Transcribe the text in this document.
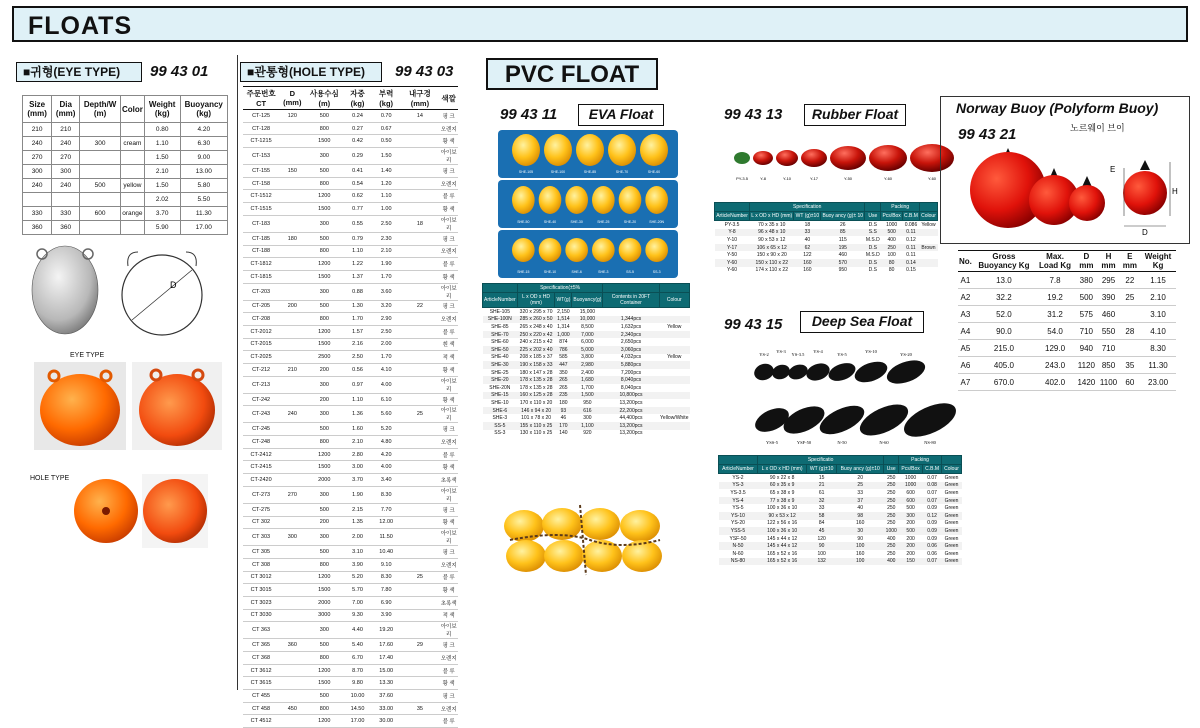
FLOATS
■귀형(EYE TYPE)	99 43 01
Size (mm)	Dia (mm)	Depth/W (m)	Color	Weight (kg)	Buoyancy (kg)
210	210			0.80	4.20
240	240	300	cream	1.10	6.30
270	270			1.50	9.00
300	300			2.10	13.00
240	240	500	yellow	1.50	5.80
				2.02	5.50
330	330	600	orange	3.70	11.30
360	360			5.90	17.00
D
EYE TYPE
HOLE TYPE
■관통형(HOLE TYPE)	99 43 03
주문번호 CT	D (mm)	사용수심 (m)	자중 (kg)	부력 (kg)	내구경 (mm)	색깔
CT-125	120	500	0.24	0.70	14	핑 크
CT-128		800	0.27	0.67		오렌지
CT-1215		1500	0.42	0.50		황 색
CT-153		300	0.29	1.50		아이보리
CT-155	150	500	0.41	1.40		핑 크
CT-158		800	0.54	1.20		오렌지
CT-1512		1200	0.62	1.10		블 루
CT-1515		1500	0.77	1.00		황 색
CT-183		300	0.55	2.50	18	아이보리
CT-185	180	500	0.79	2.30		핑 크
CT-188		800	1.10	2.10		오렌지
CT-1812		1200	1.22	1.90		블 루
CT-1815		1500	1.37	1.70		황 색
CT-203		300	0.88	3.60		아이보리
CT-205	200	500	1.30	3.20	22	핑 크
CT-208		800	1.70	2.90		오렌지
CT-2012		1200	1.57	2.50		블 루
CT-2015		1500	2.16	2.00		흰 색
CT-2025		2500	2.50	1.70		적 색
CT-212	210	200	0.56	4.10		황 색
CT-213		300	0.97	4.00		아이보리
CT-242		200	1.10	6.10		황 색
CT-243	240	300	1.36	5.60	25	아이보리
CT-245		500	1.60	5.20		핑 크
CT-248		800	2.10	4.80		오렌지
CT-2412		1200	2.80	4.20		블 루
CT-2415		1500	3.00	4.00		황 색
CT-2420		2000	3.70	3.40		초록색
CT-273	270	300	1.90	8.30		아이보리
CT-275		500	2.15	7.70		핑 크
CT 302		200	1.35	12.00		황 색
CT 303	300	300	2.00	11.50		아이보리
CT 305		500	3.10	10.40		핑 크
CT 308		800	3.90	9.10		오렌지
CT 3012		1200	5.20	8.30	25	블 루
CT 3015		1500	5.70	7.80		황 색
CT 3023		2000	7.00	6.90		초록색
CT 3030		3000	9.30	3.90		적 색
CT 363		300	4.40	19.20		아이보리
CT 365	360	500	5.40	17.60	29	핑 크
CT 368		800	6.70	17.40		오렌지
CT 3612		1200	8.70	15.00		블 루
CT 3615		1500	9.80	13.30		황 색
CT 455		500	10.00	37.60		핑 크
CT 458	450	800	14.50	33.00	35	오렌지
CT 4512		1200	17.00	30.00		블 루
PVC FLOAT
99 43 11	EVA Float
SHE-105	SHE-100	SHE-85	SHE-70	SHE-60
SHE-50	SHE-40	SHE-30	SHE-25	SHE-20	SHE-20N
SHE-15	SHE-10	SHE-6	SHE-3	SS-5	SS-3
	Specification(±5%				
ArticleNumber	L x OD x HD (mm)	WT(g)	Buoyancy(g)	Contents in 20FT Container	Colour
SHE-105	320 x 295 x 70	2,150	15,000		
SHE-100N	285 x 260 x 50	1,514	10,000	1,344pcs	
SHE-85	265 x 248 x 40	1,314	8,500	1,632pcs	Yellow
SHE-70	250 x 220 x 42	1,000	7,000	2,340pcs	
SHE-60	240 x 215 x 42	874	6,000	2,650pcs	
SHE-50	225 x 202 x 40	786	5,000	3,060pcs	
SHE-40	208 x 185 x 37	585	3,800	4,032pcs	Yellow
SHE-30	190 x 158 x 33	447	2,980	5,880pcs	
SHE-25	180 x 147 x 28	350	2,400	7,200pcs	
SHE-20	178 x 135 x 28	265	1,680	8,040pcs	
SHE-20N	178 x 135 x 28	265	1,700	8,040pcs	
SHE-15	160 x 125 x 28	235	1,500	10,800pcs	
SHE-10	170 x 110 x 20	180	950	13,200pcs	
SHE-6	146 x 94 x 20	93	616	22,200pcs	
SHE-3	101 x 78 x 20	46	300	44,400pcs	Yellow/White
SS-5	155 x 110 x 25	170	1,100	13,200pcs	
SS-3	130 x 110 x 25	140	920	13,200pcs	
99 43 13	Rubber Float
PY-3.5	Y-8	Y-10	Y-17	Y-50	Y-60	Y-60
	Specification				Packing		
ArticleNumber	L x OD x HD (mm)	WT (g)±10	Buoy ancy (g)± 10	Use	Pcs/Box	C.B.M	Colour
PY-3.5	70 x 35 x 10	18	26	D.S	1000	0.086	Yellow
Y-8	96 x 48 x 10	33	85	S.S	500	0.11	
Y-10	90 x 53 x 12	40	115	M.S.D	400	0.12	
Y-17	106 x 65 x 12	62	195	D.S	250	0.11	Brown
Y-50	150 x 90 x 20	122	460	M.S.D	100	0.11	
Y-60	150 x 110 x 22	160	570	D.S	80	0.14	
Y-60	174 x 110 x 22	160	950	D.S	80	0.15	
99 43 15	Deep Sea Float
YS-2
YS-3
YS-3.5
YS-4
YS-5
YS-10
YS-20
YSS-5	YSF-50	N-50	N-60	NS-80
	Specificatio				Packing		
ArticleNumber	L x OD x HD (mm)	WT (g)±10	Buoy ancy (g)±10	Use	Pcs/Box	C.B.M	Colour
YS-2	90 x 22 x 8	15	20	250	1000	0.07	Green
YS-3	60 x 35 x 9	21	25	250	1000	0.08	Green
YS-3.5	65 x 38 x 9	61	33	250	600	0.07	Green
YS-4	77 x 38 x 9	32	37	250	600	0.07	Green
YS-5	100 x 36 x 10	33	40	250	500	0.09	Green
YS-10	90 x 53 x 12	58	98	250	300	0.12	Green
YS-20	122 x 56 x 16	84	160	250	200	0.09	Green
YSS-5	100 x 36 x 10	45	30	1000	500	0.09	Green
YSF-50	145 x 44 x 12	120	90	400	200	0.09	Green
N-50	145 x 44 x 12	90	100	250	200	0.06	Green
N-60	165 x 52 x 16	100	160	250	200	0.06	Green
NS-80	165 x 52 x 16	132	100	400	150	0.07	Green
Norway Buoy (Polyform Buoy)
99 43 21	노르웨이 브이
E
H
D
No.	Gross Buoyancy Kg	Max. Load Kg	D mm	H mm	E mm	Weight Kg
A1	13.0	7.8	380	295	22	1.15
A2	32.2	19.2	500	390	25	2.10
A3	52.0	31.2	575	460		3.10
A4	90.0	54.0	710	550	28	4.10
A5	215.0	129.0	940	710		8.30
A6	405.0	243.0	1120	850	35	11.30
A7	670.0	402.0	1420	1100	60	23.00
